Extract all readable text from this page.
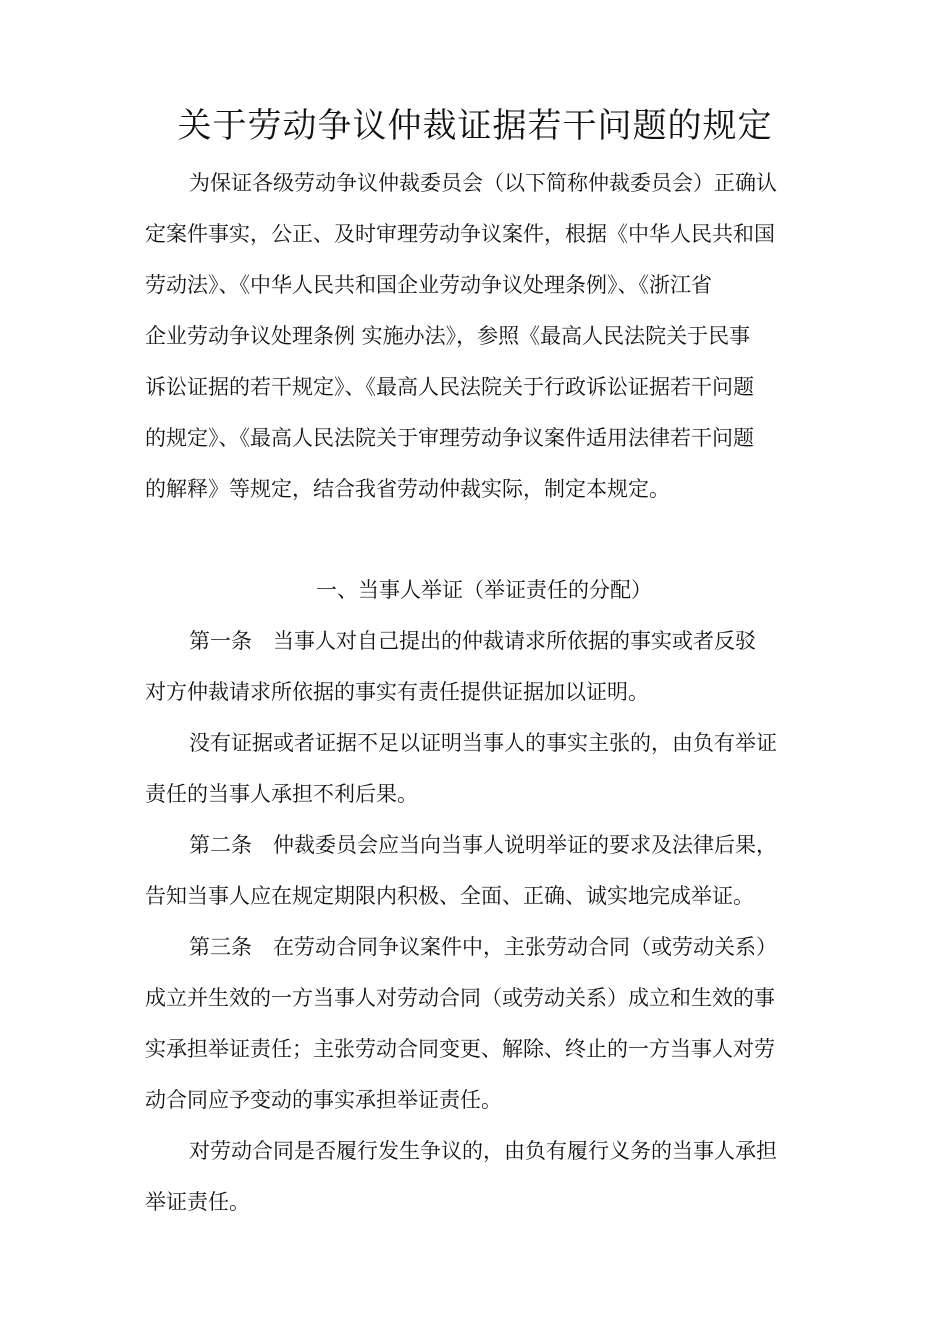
关于劳动争议仲裁证据若干问题的规定
为保证各级劳动争议仲裁委员会（以下简称仲裁委员会）正确认
定案件事实，公正、及时审理劳动争议案件，根据《中华人民共和国
劳动法》、《中华人民共和国企业劳动争议处理条例》、《浙江省
企业劳动争议处理条例 实施办法》，参照《最高人民法院关于民事
诉讼证据的若干规定》、《最高人民法院关于行政诉讼证据若干问题
的规定》、《最高人民法院关于审理劳动争议案件适用法律若干问题
的解释》等规定，结合我省劳动仲裁实际，制定本规定。
一、当事人举证（举证责任的分配）
第一条　当事人对自己提出的仲裁请求所依据的事实或者反驳
对方仲裁请求所依据的事实有责任提供证据加以证明。
没有证据或者证据不足以证明当事人的事实主张的，由负有举证
责任的当事人承担不利后果。
第二条　仲裁委员会应当向当事人说明举证的要求及法律后果，
告知当事人应在规定期限内积极、全面、正确、诚实地完成举证。
第三条　在劳动合同争议案件中，主张劳动合同（或劳动关系）
成立并生效的一方当事人对劳动合同（或劳动关系）成立和生效的事
实承担举证责任；主张劳动合同变更、解除、终止的一方当事人对劳
动合同应予变动的事实承担举证责任。
对劳动合同是否履行发生争议的，由负有履行义务的当事人承担
举证责任。
